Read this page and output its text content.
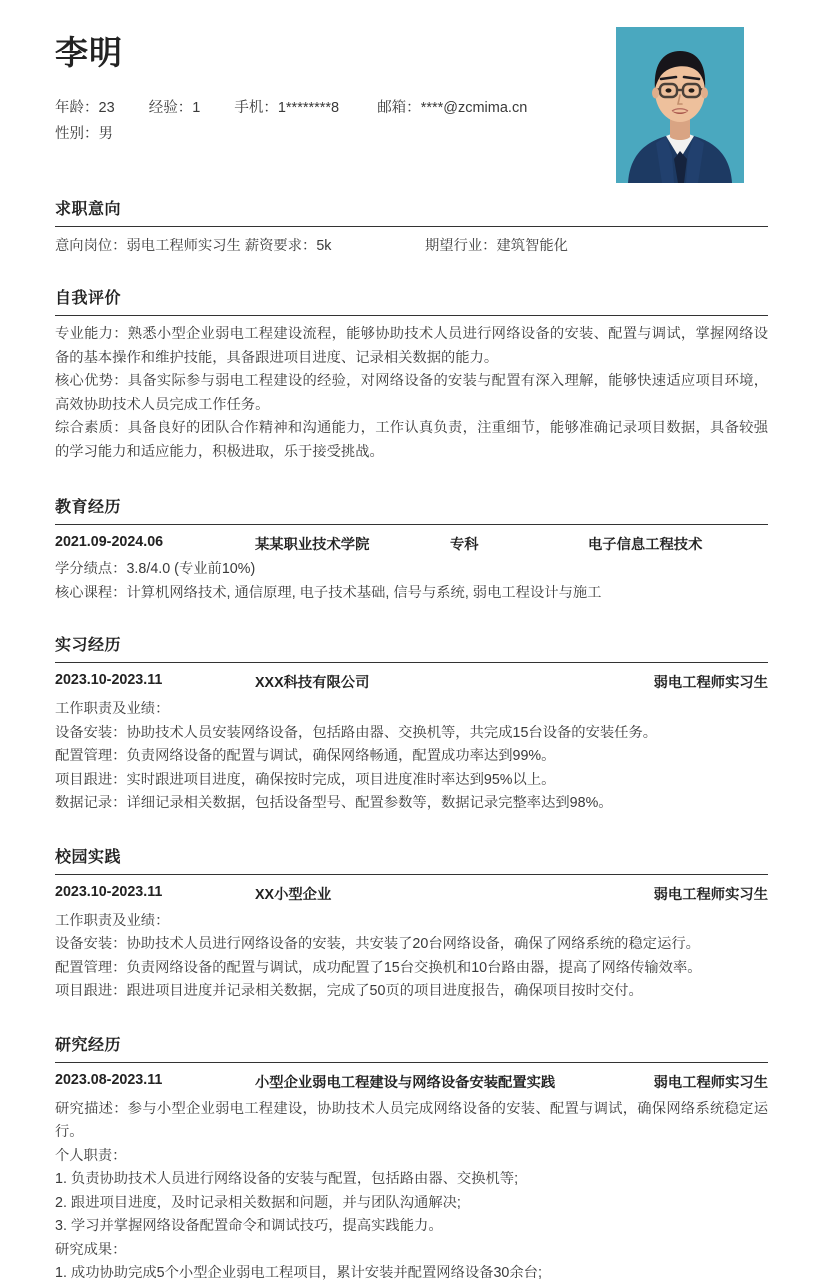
李明
年龄：23 经验：1 手机：1********8	邮箱：****@zcmima.cn
性别：男
求职意向
意向岗位：弱电工程师实习生 薪资要求：5k	期望行业：建筑智能化
自我评价

专业能力：熟悉小型企业弱电工程建设流程，能够协助技术人员进行网络设备的安装、配置与调试，掌握网络设备的基本操作和维护技能，具备跟进项目进度、记录相关数据的能力。

核心优势：具备实际参与弱电工程建设的经验，对网络设备的安装与配置有深入理解，能够快速适应项目环境，高效协助技术人员完成工作任务。

综合素质：具备良好的团队合作精神和沟通能力，工作认真负责，注重细节，能够准确记录项目数据，具备较强的学习能力和适应能力，积极进取，乐于接受挑战。

教育经历
2021.09-2024.06	某某职业技术学院	专科	电子信息工程技术
学分绩点：3.8/4.0 (专业前10%)
核心课程：计算机网络技术, 通信原理, 电子技术基础, 信号与系统, 弱电工程设计与施工
实习经历
2023.10-2023.11	XXX科技有限公司	弱电工程师实习生
工作职责及业绩：
设备安装：协助技术人员安装网络设备，包括路由器、交换机等，共完成15台设备的安装任务。
配置管理：负责网络设备的配置与调试，确保网络畅通，配置成功率达到99%。
项目跟进：实时跟进项目进度，确保按时完成，项目进度准时率达到95%以上。
数据记录：详细记录相关数据，包括设备型号、配置参数等，数据记录完整率达到98%。
校园实践
2023.10-2023.11	XX小型企业	弱电工程师实习生
工作职责及业绩：
设备安装：协助技术人员进行网络设备的安装，共安装了20台网络设备，确保了网络系统的稳定运行。
配置管理：负责网络设备的配置与调试，成功配置了15台交换机和10台路由器，提高了网络传输效率。
项目跟进：跟进项目进度并记录相关数据，完成了50页的项目进度报告，确保项目按时交付。
研究经历
2023.08-2023.11	小型企业弱电工程建设与网络设备安装配置实践	弱电工程师实习生

研究描述：参与小型企业弱电工程建设，协助技术人员完成网络设备的安装、配置与调试，确保网络系统稳定运行。

个人职责：
1. 负责协助技术人员进行网络设备的安装与配置，包括路由器、交换机等;
2. 跟进项目进度，及时记录相关数据和问题，并与团队沟通解决;
3. 学习并掌握网络设备配置命令和调试技巧，提高实践能力。
研究成果：
1. 成功协助完成5个小型企业弱电工程项目，累计安装并配置网络设备30余台;
